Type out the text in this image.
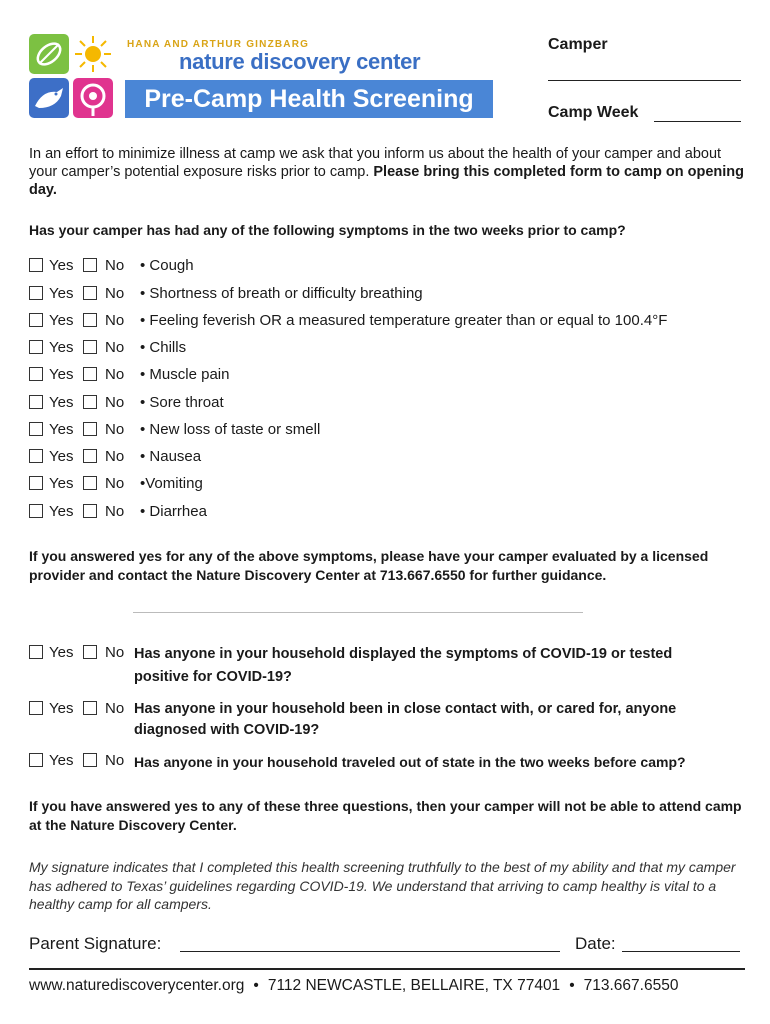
HANA AND ARTHUR GINZBARG
nature discovery center
Pre-Camp Health Screening
Camper
Camp Week
In an effort to minimize illness at camp we ask that you inform us about the health of your camper and about your camper’s potential exposure risks prior to camp. Please bring this completed form to camp on opening day.
Has your camper has had any of the following symptoms in the two weeks prior to camp?
Yes No • Cough
Yes No • Shortness of breath or difficulty breathing
Yes No • Feeling feverish OR a measured temperature greater than or equal to 100.4°F
Yes No • Chills
Yes No • Muscle pain
Yes No • Sore throat
Yes No • New loss of taste or smell
Yes No • Nausea
Yes No •Vomiting
Yes No • Diarrhea
If you answered yes for any of the above symptoms, please have your camper evaluated by a licensed provider and contact the Nature Discovery Center at 713.667.6550 for further guidance.
Yes No Has anyone in your household displayed the symptoms of COVID-19 or tested positive for COVID-19?
Yes No Has anyone in your household been in close contact with, or cared for, anyone diagnosed with COVID-19?
Yes No Has anyone in your household traveled out of state in the two weeks before camp?
If you have answered yes to any of these three questions, then your camper will not be able to attend camp at the Nature Discovery Center.
My signature indicates that I completed this health screening truthfully to the best of my ability and that my camper has adhered to Texas’ guidelines regarding COVID-19. We understand that arriving to camp healthy is vital to a healthy camp for all campers.
Parent Signature:	Date:
www.naturediscoverycenter.org • 7112 NEWCASTLE, BELLAIRE, TX 77401 • 713.667.6550
